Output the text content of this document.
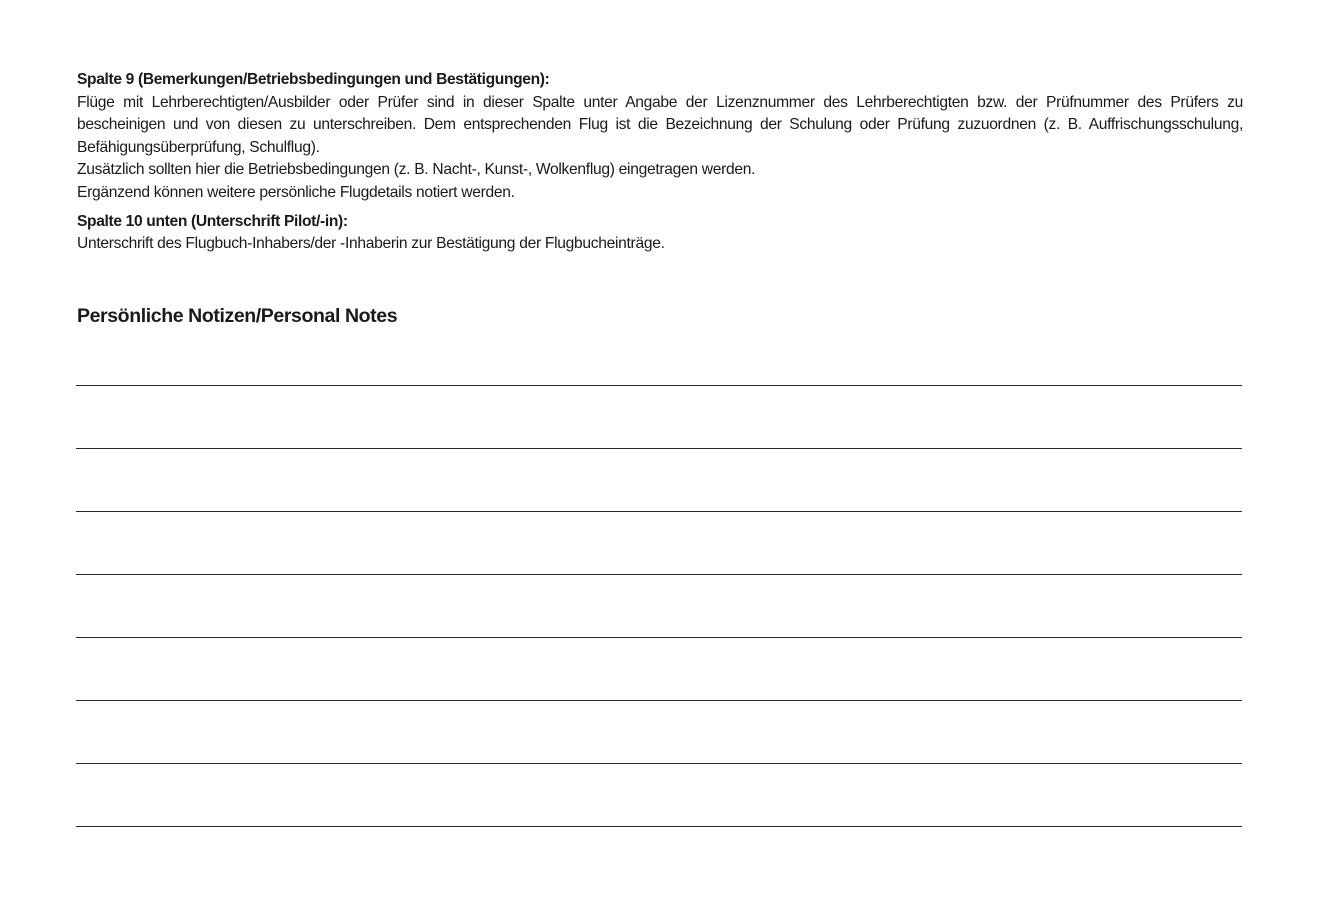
Spalte 9 (Bemerkungen/Betriebsbedingungen und Bestätigungen):

Flüge mit Lehrberechtigten/Ausbilder oder Prüfer sind in dieser Spalte unter Angabe der Lizenznummer des Lehrberechtigten bzw. der Prüfnummer des Prüfers zu bescheinigen und von diesen zu unterschreiben. Dem entsprechenden Flug ist die Bezeichnung der Schulung oder Prüfung zuzuordnen (z. B. Auffrischungsschulung, Befähigungsüberprüfung, Schulflug).

Zusätzlich sollten hier die Betriebsbedingungen (z. B. Nacht-, Kunst-, Wolkenflug) eingetragen werden.

Ergänzend können weitere persönliche Flugdetails notiert werden.

Spalte 10 unten (Unterschrift Pilot/-in):

Unterschrift des Flugbuch-Inhabers/der -Inhaberin zur Bestätigung der Flugbucheinträge.

Persönliche Notizen/Personal Notes
